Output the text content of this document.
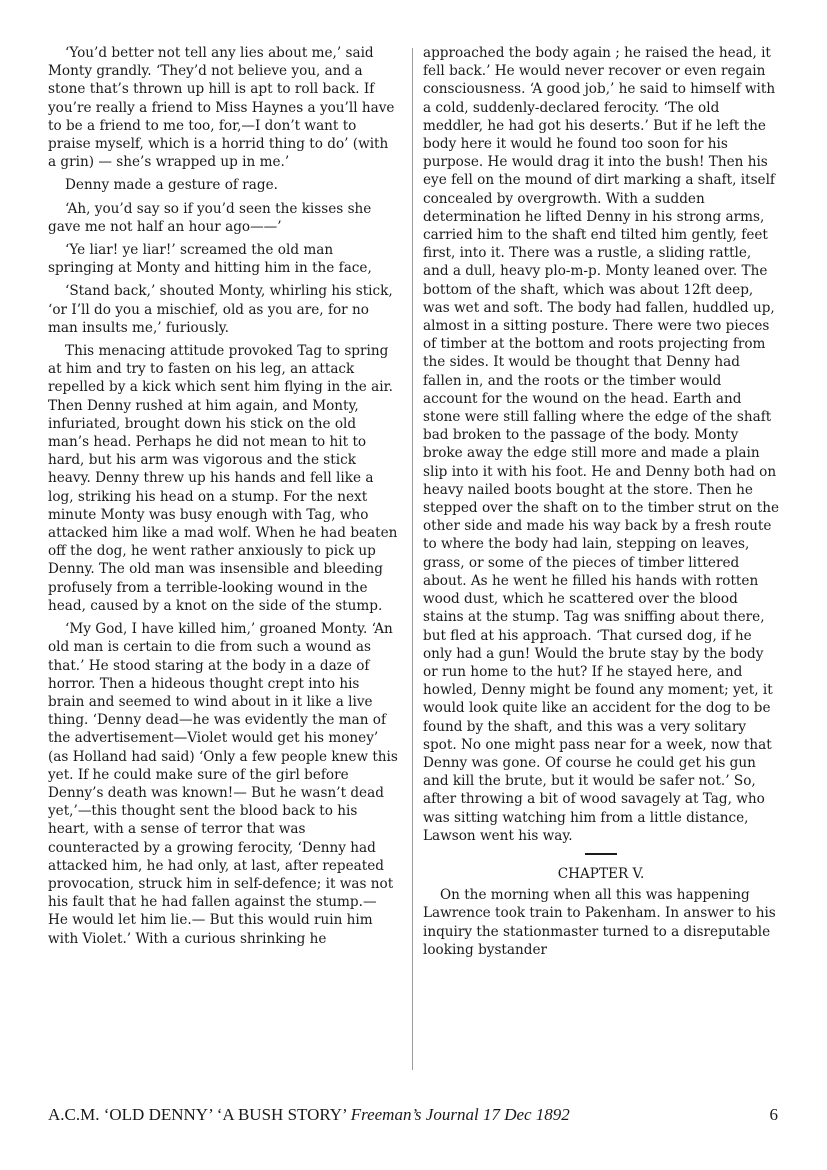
‘You’d better not tell any lies about me,’ said Monty grandly. ‘They’d not believe you, and a stone that’s thrown up hill is apt to roll back. If you’re really a friend to Miss Haynes a you’ll have to be a friend to me too, for,—I don’t want to praise myself, which is a horrid thing to do’ (with a grin) — she’s wrapped up in me.’

Denny made a gesture of rage.

‘Ah, you’d say so if you’d seen the kisses she gave me not half an hour ago——’

‘Ye liar! ye liar!’ screamed the old man springing at Monty and hitting him in the face,

‘Stand back,’ shouted Monty, whirling his stick, ‘or I’ll do you a mischief, old as you are, for no man insults me,’ furiously.

This menacing attitude provoked Tag to spring at him and try to fasten on his leg, an attack repelled by a kick which sent him flying in the air. Then Denny rushed at him again, and Monty, infuriated, brought down his stick on the old man’s head. Perhaps he did not mean to hit to hard, but his arm was vigorous and the stick heavy. Denny threw up his hands and fell like a log, striking his head on a stump. For the next minute Monty was busy enough with Tag, who attacked him like a mad wolf. When he had beaten off the dog, he went rather anxiously to pick up Denny. The old man was insensible and bleeding profusely from a terrible-looking wound in the head, caused by a knot on the side of the stump.

‘My God, I have killed him,’ groaned Monty. ‘An old man is certain to die from such a wound as that.’ He stood staring at the body in a daze of horror. Then a hideous thought crept into his brain and seemed to wind about in it like a live thing. ‘Denny dead—he was evidently the man of the advertisement—Violet would get his money’ (as Holland had said) ‘Only a few people knew this yet. If he could make sure of the girl before Denny’s death was known!— But he wasn’t dead yet,’—this thought sent the blood back to his heart, with a sense of terror that was counteracted by a growing ferocity, ‘Denny had attacked him, he had only, at last, after repeated provocation, struck him in self-defence; it was not his fault that he had fallen against the stump.— He would let him lie.— But this would ruin him with Violet.’ With a curious shrinking he

approached the body again ; he raised the head, it fell back.’ He would never recover or even regain consciousness. ‘A good job,’ he said to himself with a cold, suddenly-declared ferocity. ‘The old meddler, he had got his deserts.’ But if he left the body here it would he found too soon for his purpose. He would drag it into the bush! Then his eye fell on the mound of dirt marking a shaft, itself concealed by overgrowth. With a sudden determination he lifted Denny in his strong arms, carried him to the shaft end tilted him gently, feet first, into it. There was a rustle, a sliding rattle, and a dull, heavy plo-m-p. Monty leaned over. The bottom of the shaft, which was about 12ft deep, was wet and soft. The body had fallen, huddled up, almost in a sitting posture. There were two pieces of timber at the bottom and roots projecting from the sides. It would be thought that Denny had fallen in, and the roots or the timber would account for the wound on the head. Earth and stone were still falling where the edge of the shaft bad broken to the passage of the body. Monty broke away the edge still more and made a plain slip into it with his foot. He and Denny both had on heavy nailed boots bought at the store. Then he stepped over the shaft on to the timber strut on the other side and made his way back by a fresh route to where the body had lain, stepping on leaves, grass, or some of the pieces of timber littered about. As he went he filled his hands with rotten wood dust, which he scattered over the blood stains at the stump. Tag was sniffing about there, but fled at his approach. ‘That cursed dog, if he only had a gun! Would the brute stay by the body or run home to the hut? If he stayed here, and howled, Denny might be found any moment; yet, it would look quite like an accident for the dog to be found by the shaft, and this was a very solitary spot. No one might pass near for a week, now that Denny was gone. Of course he could get his gun and kill the brute, but it would be safer not.’ So, after throwing a bit of wood savagely at Tag, who was sitting watching him from a little distance, Lawson went his way.

CHAPTER V.

On the morning when all this was happening Lawrence took train to Pakenham. In answer to his inquiry the stationmaster turned to a disreputable looking bystander

A.C.M. ‘OLD DENNY’ ‘A BUSH STORY’ Freeman’s Journal 17 Dec 1892	6
